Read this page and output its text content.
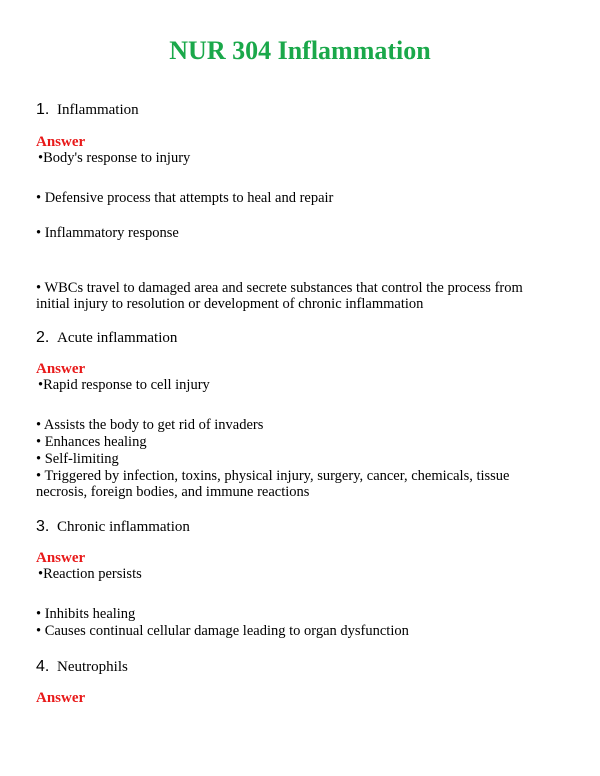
NUR 304 Inflammation
1. Inflammation
Answer
•Body's response to injury
• Defensive process that attempts to heal and repair
• Inflammatory response
• WBCs travel to damaged area and secrete substances that control the process from initial injury to resolution or development of chronic inflammation
2. Acute inflammation
Answer
•Rapid response to cell injury
• Assists the body to get rid of invaders
• Enhances healing
• Self-limiting
• Triggered by infection, toxins, physical injury, surgery, cancer, chemicals, tissue necrosis, foreign bodies, and immune reactions
3. Chronic inflammation
Answer
•Reaction persists
• Inhibits healing
• Causes continual cellular damage leading to organ dysfunction
4. Neutrophils
Answer
